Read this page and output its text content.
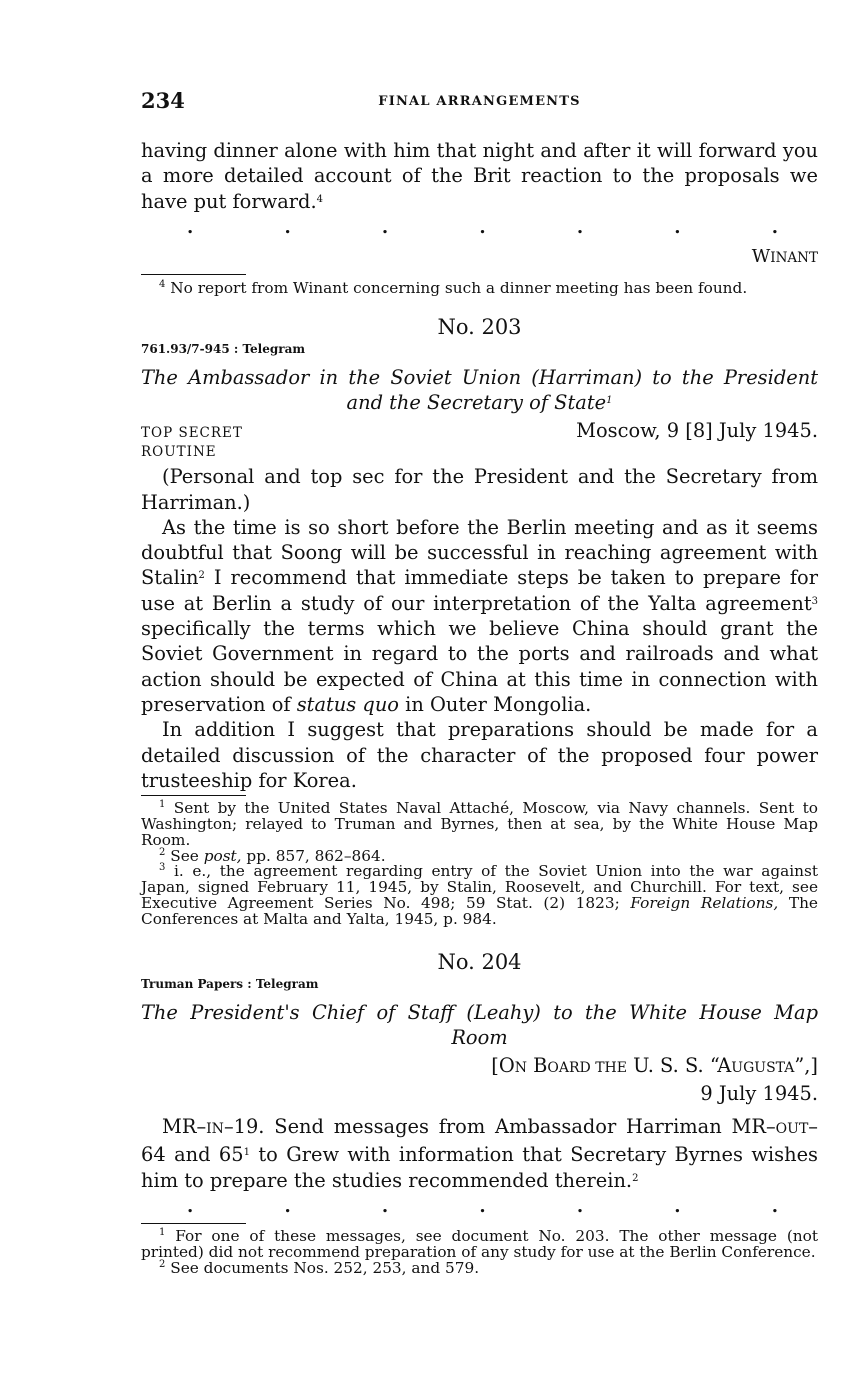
234	FINAL ARRANGEMENTS

having dinner alone with him that night and after it will forward you a more detailed account of the Brit reaction to the proposals we have put forward.$^4$

.	.	.	.	.	.	.
WINANT

$^4$ No report from Winant concerning such a dinner meeting has been found.

No. 203
761.93/7-945 : Telegram

The Ambassador in the Soviet Union (Harriman) to the President and the Secretary of State$^1$

TOP SECRET	Moscow, 9 [8] July 1945.
ROUTINE

(Personal and top sec for the President and the Secretary from Harriman.)

As the time is so short before the Berlin meeting and as it seems doubtful that Soong will be successful in reaching agreement with Stalin$^2$ I recommend that immediate steps be taken to prepare for use at Berlin a study of our interpretation of the Yalta agreement$^3$ specifically the terms which we believe China should grant the Soviet Government in regard to the ports and railroads and what action should be expected of China at this time in connection with preservation of status quo in Outer Mongolia.

In addition I suggest that preparations should be made for a detailed discussion of the character of the proposed four power trusteeship for Korea.

$^1$ Sent by the United States Naval Attaché, Moscow, via Navy channels. Sent to Washington; relayed to Truman and Byrnes, then at sea, by the White House Map Room.

$^2$ See post, pp. 857, 862–864.

$^3$ i. e., the agreement regarding entry of the Soviet Union into the war against Japan, signed February 11, 1945, by Stalin, Roosevelt, and Churchill. For text, see Executive Agreement Series No. 498; 59 Stat. (2) 1823; Foreign Relations, The Conferences at Malta and Yalta, 1945, p. 984.

No. 204
Truman Papers : Telegram

The President's Chief of Staff (Leahy) to the White House Map Room

[ON BOARD THE U. S. S. “AUGUSTA”,]
9 July 1945.

MR–IN–19. Send messages from Ambassador Harriman MR–OUT–64 and $65^1$ to Grew with information that Secretary Byrnes wishes him to prepare the studies recommended therein.$^2$

.	.	.	.	.	.	.

$^1$ For one of these messages, see document No. 203. The other message (not printed) did not recommend preparation of any study for use at the Berlin Conference.

$^2$ See documents Nos. 252, 253, and 579.
